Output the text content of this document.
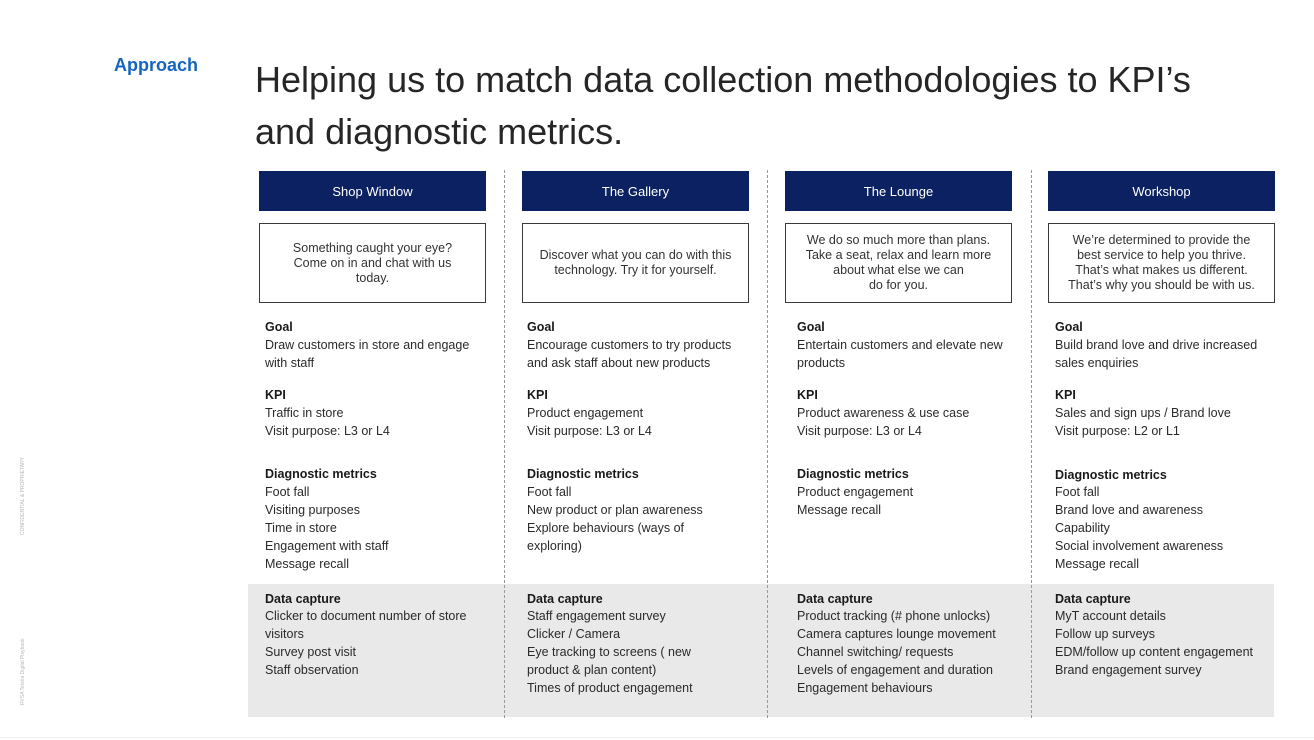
Approach Helping us to match data collection methodologies to KPI’s and diagnostic metrics.
CONFIDENTIAL & PROPRIETARY
RVSA Telstra Digital Playbook
Shop Window
Something caught your eye?
Come on in and chat with us
today.
Goal
Draw customers in store and engage
with staff
KPI
Traffic in store
Visit purpose: L3 or L4
Diagnostic metrics
Foot fall
Visiting purposes
Time in store
Engagement with staff
Message recall
Data capture
Clicker to document number of store
visitors
Survey post visit
Staff observation
The Gallery
Discover what you can do with this
technology. Try it for yourself.
Goal
Encourage customers to try products
and ask staff about new products
KPI
Product engagement
Visit purpose: L3 or L4
Diagnostic metrics
Foot fall
New product or plan awareness
Explore behaviours (ways of
exploring)
Data capture
Staff engagement survey
Clicker / Camera
Eye tracking to screens ( new
product & plan content)
Times of product engagement
The Lounge
We do so much more than plans.
Take a seat, relax and learn more
about what else we can
do for you.
Goal
Entertain customers and elevate new
products
KPI
Product awareness & use case
Visit purpose: L3 or L4
Diagnostic metrics
Product engagement
Message recall
Data capture
Product tracking (# phone unlocks)
Camera captures lounge movement
Channel switching/ requests
Levels of engagement and duration
Engagement behaviours
Workshop
We’re determined to provide the
best service to help you thrive.
That’s what makes us different.
That’s why you should be with us.
Goal
Build brand love and drive increased
sales enquiries
KPI
Sales and sign ups / Brand love
Visit purpose: L2 or L1
Diagnostic metrics
Foot fall
Brand love and awareness
Capability
Social involvement awareness
Message recall
Data capture
MyT account details
Follow up surveys
EDM/follow up content engagement
Brand engagement survey
